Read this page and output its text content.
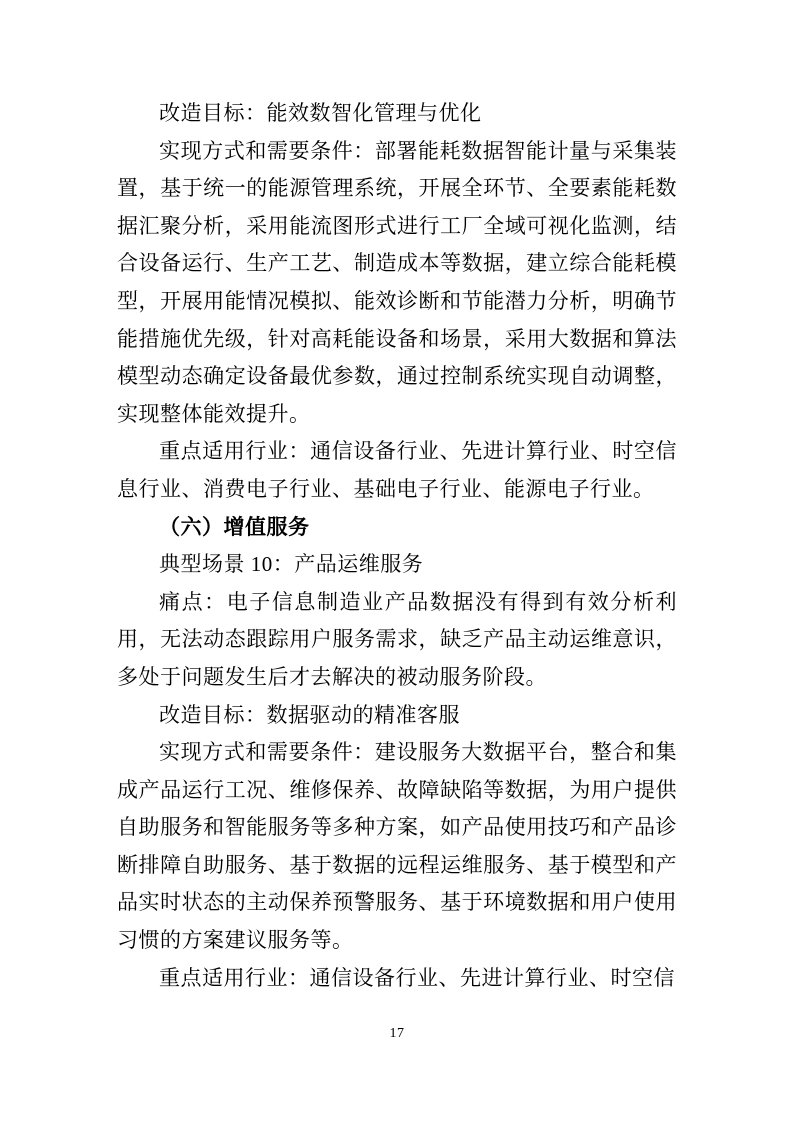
改造目标：能效数智化管理与优化

实现方式和需要条件：部署能耗数据智能计量与采集装置，基于统一的能源管理系统，开展全环节、全要素能耗数据汇聚分析，采用能流图形式进行工厂全域可视化监测，结合设备运行、生产工艺、制造成本等数据，建立综合能耗模型，开展用能情况模拟、能效诊断和节能潜力分析，明确节能措施优先级，针对高耗能设备和场景，采用大数据和算法模型动态确定设备最优参数，通过控制系统实现自动调整，实现整体能效提升。

重点适用行业：通信设备行业、先进计算行业、时空信息行业、消费电子行业、基础电子行业、能源电子行业。

（六）增值服务

典型场景 10：产品运维服务

痛点：电子信息制造业产品数据没有得到有效分析利用，无法动态跟踪用户服务需求，缺乏产品主动运维意识，多处于问题发生后才去解决的被动服务阶段。

改造目标：数据驱动的精准客服

实现方式和需要条件：建设服务大数据平台，整合和集成产品运行工况、维修保养、故障缺陷等数据，为用户提供自助服务和智能服务等多种方案，如产品使用技巧和产品诊断排障自助服务、基于数据的远程运维服务、基于模型和产品实时状态的主动保养预警服务、基于环境数据和用户使用习惯的方案建议服务等。

重点适用行业：通信设备行业、先进计算行业、时空信

17
